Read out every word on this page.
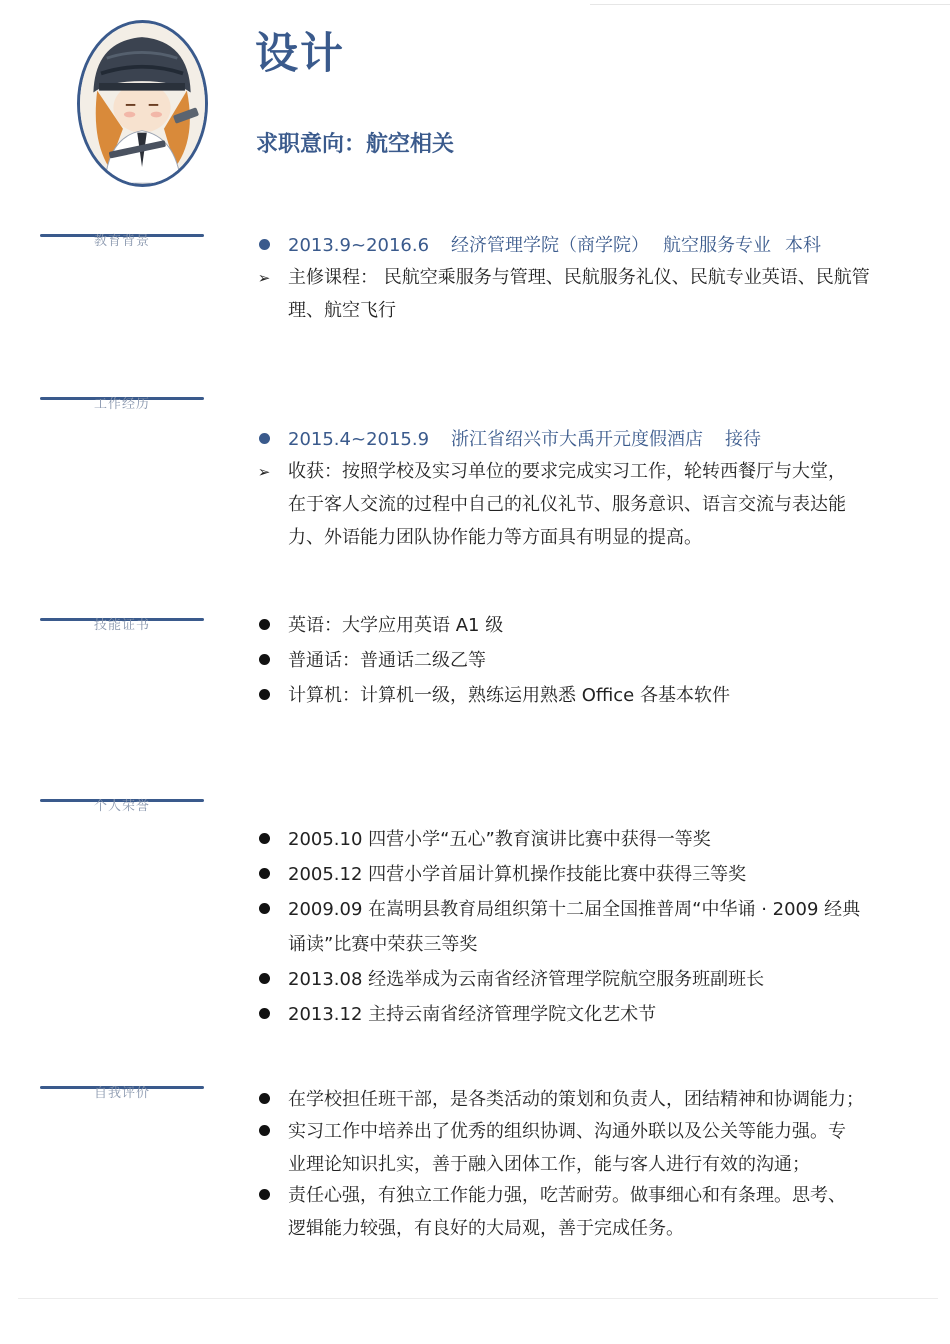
设计
求职意向：航空相关
教育背景	2013.9~2016.6 经济管理学院（商学院） 航空服务专业 本科
➢ 主修课程： 民航空乘服务与管理、民航服务礼仪、民航专业英语、民航管
理、航空飞行
工作经历
2015.4~2015.9 浙江省绍兴市大禹开元度假酒店 接待
➢ 收获：按照学校及实习单位的要求完成实习工作，轮转西餐厅与大堂，
在于客人交流的过程中自己的礼仪礼节、服务意识、语言交流与表达能
力、外语能力团队协作能力等方面具有明显的提高。
技能证书	英语：大学应用英语 A1 级
普通话：普通话二级乙等
计算机：计算机一级，熟练运用熟悉 Office 各基本软件
个人荣誉
2005.10 四营小学“五心”教育演讲比赛中获得一等奖
2005.12 四营小学首届计算机操作技能比赛中获得三等奖
2009.09 在嵩明县教育局组织第十二届全国推普周“中华诵 · 2009 经典
诵读”比赛中荣获三等奖
2013.08 经选举成为云南省经济管理学院航空服务班副班长
2013.12 主持云南省经济管理学院文化艺术节
自我评价	在学校担任班干部，是各类活动的策划和负责人，团结精神和协调能力；
实习工作中培养出了优秀的组织协调、沟通外联以及公关等能力强。专
业理论知识扎实，善于融入团体工作，能与客人进行有效的沟通；
责任心强，有独立工作能力强，吃苦耐劳。做事细心和有条理。思考、
逻辑能力较强，有良好的大局观，善于完成任务。
